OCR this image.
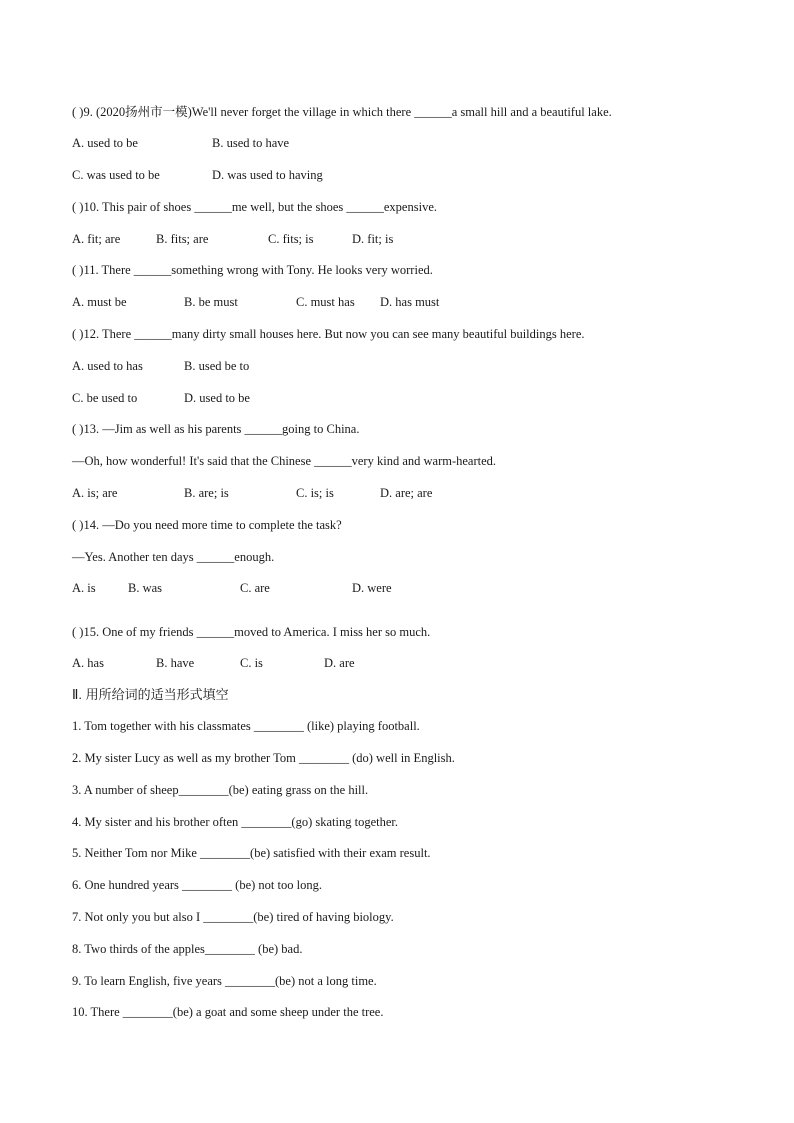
( )9. (2020扬州市一模)We'll never forget the village in which there ______a small hill and a beautiful lake.
A. used to be	B. used to have
C. was used to be	D. was used to having
( )10. This pair of shoes ______me well, but the shoes ______expensive.
A. fit; are	B. fits; are	C. fits; is	D. fit; is
( )11. There ______something wrong with Tony. He looks very worried.
A. must be	B. be must	C. must has D. has must
( )12. There ______many dirty small houses here. But now you can see many beautiful buildings here.
A. used to has	B. used be to
C. be used to	D. used to be
( )13. —Jim as well as his parents ______going to China.
—Oh, how wonderful! It's said that the Chinese ______very kind and warm-hearted.
A. is; are	B. are; is	C. is; is	D. are; are
( )14. —Do you need more time to complete the task?
—Yes. Another ten days ______enough.
A. is	B. was	C. are	D. were
( )15. One of my friends ______moved to America. I miss her so much.
A. has	B. have	C. is	D. are
Ⅱ. 用所给词的适当形式填空
1. Tom together with his classmates ________ (like) playing football.
2. My sister Lucy as well as my brother Tom ________ (do) well in English.
3. A number of sheep________(be) eating grass on the hill.
4. My sister and his brother often ________(go) skating together.
5. Neither Tom nor Mike ________(be) satisfied with their exam result.
6. One hundred years ________ (be) not too long.
7. Not only you but also I ________(be) tired of having biology.
8. Two thirds of the apples________ (be) bad.
9. To learn English, five years ________(be) not a long time.
10. There ________(be) a goat and some sheep under the tree.
